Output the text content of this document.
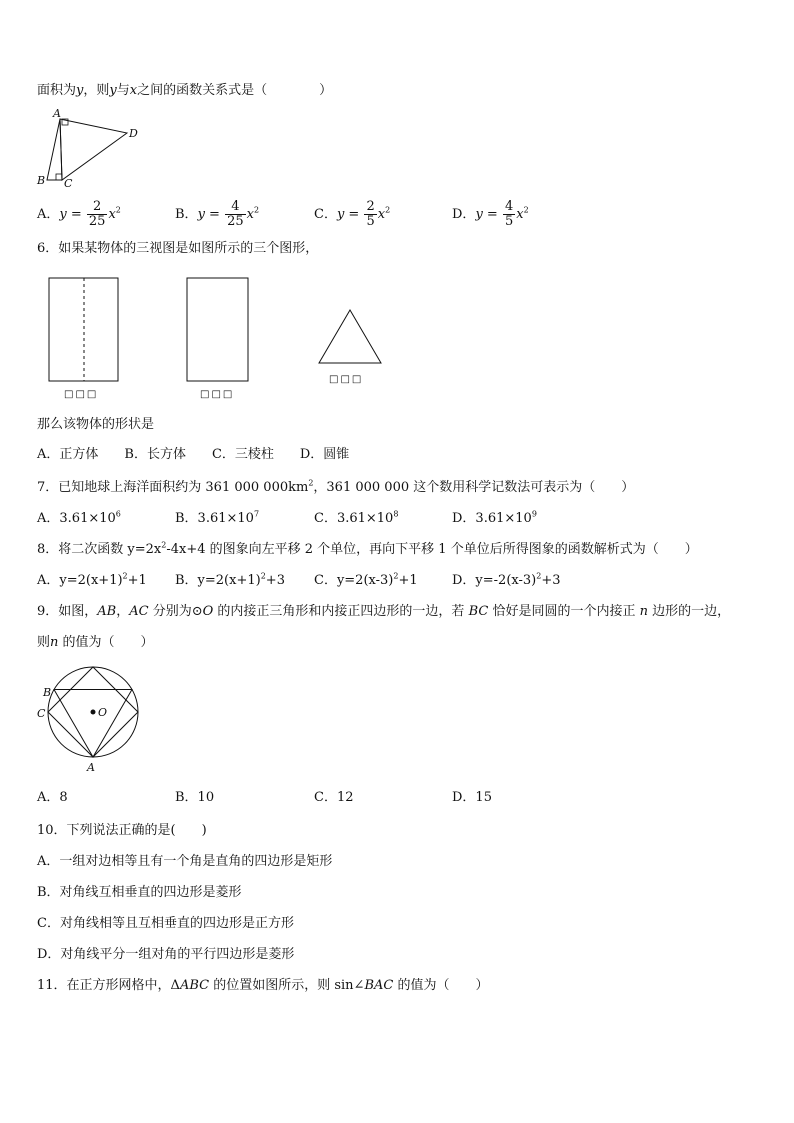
面积为y，则y与x之间的函数关系式是（　　　　）
A
B C
D
A．$y = \frac{2}{25} x^2$	B．$y = \frac{4}{25} x^2$	C．$y = \frac{2}{5} x^2$	D．$y = \frac{4}{5} x^2$
6．如果某物体的三视图是如图所示的三个图形，
□□□	□□□
□□□
那么该物体的形状是
A．正方体　　B．长方体　　C．三棱柱　　D．圆锥
7．已知地球上海洋面积约为 361 000 $000km^2$，361 000 000 这个数用科学记数法可表示为（　　）
A．$3.61\times 10^6$	B．$3.61\times 10^7$	C．$3.61\times 10^8$	D．$3.61\times 10^9$
8．将二次函数 $y=2x^2-4x+4$ 的图象向左平移 2 个单位，再向下平移 1 个单位后所得图象的函数解析式为（　　）
A．$y=2(x+1)^2+1$ B．$y=2(x+1)^2+3$ C．$y=2(x-3)^2+1$	D．$y=-2(x-3)^2+3$
9．如图，AB，AC 分别为⊙O 的内接正三角形和内接正四边形的一边，若 BC 恰好是同圆的一个内接正 n 边形的一边，
则n 的值为（　　）
B
C	O
A
A．8	B．10	C．12	D．15
10．下列说法正确的是(　　)
A．一组对边相等且有一个角是直角的四边形是矩形
B．对角线互相垂直的四边形是菱形
C．对角线相等且互相垂直的四边形是正方形
D．对角线平分一组对角的平行四边形是菱形
11．在正方形网格中，ΔABC 的位置如图所示，则 sin∠BAC 的值为（　　）
